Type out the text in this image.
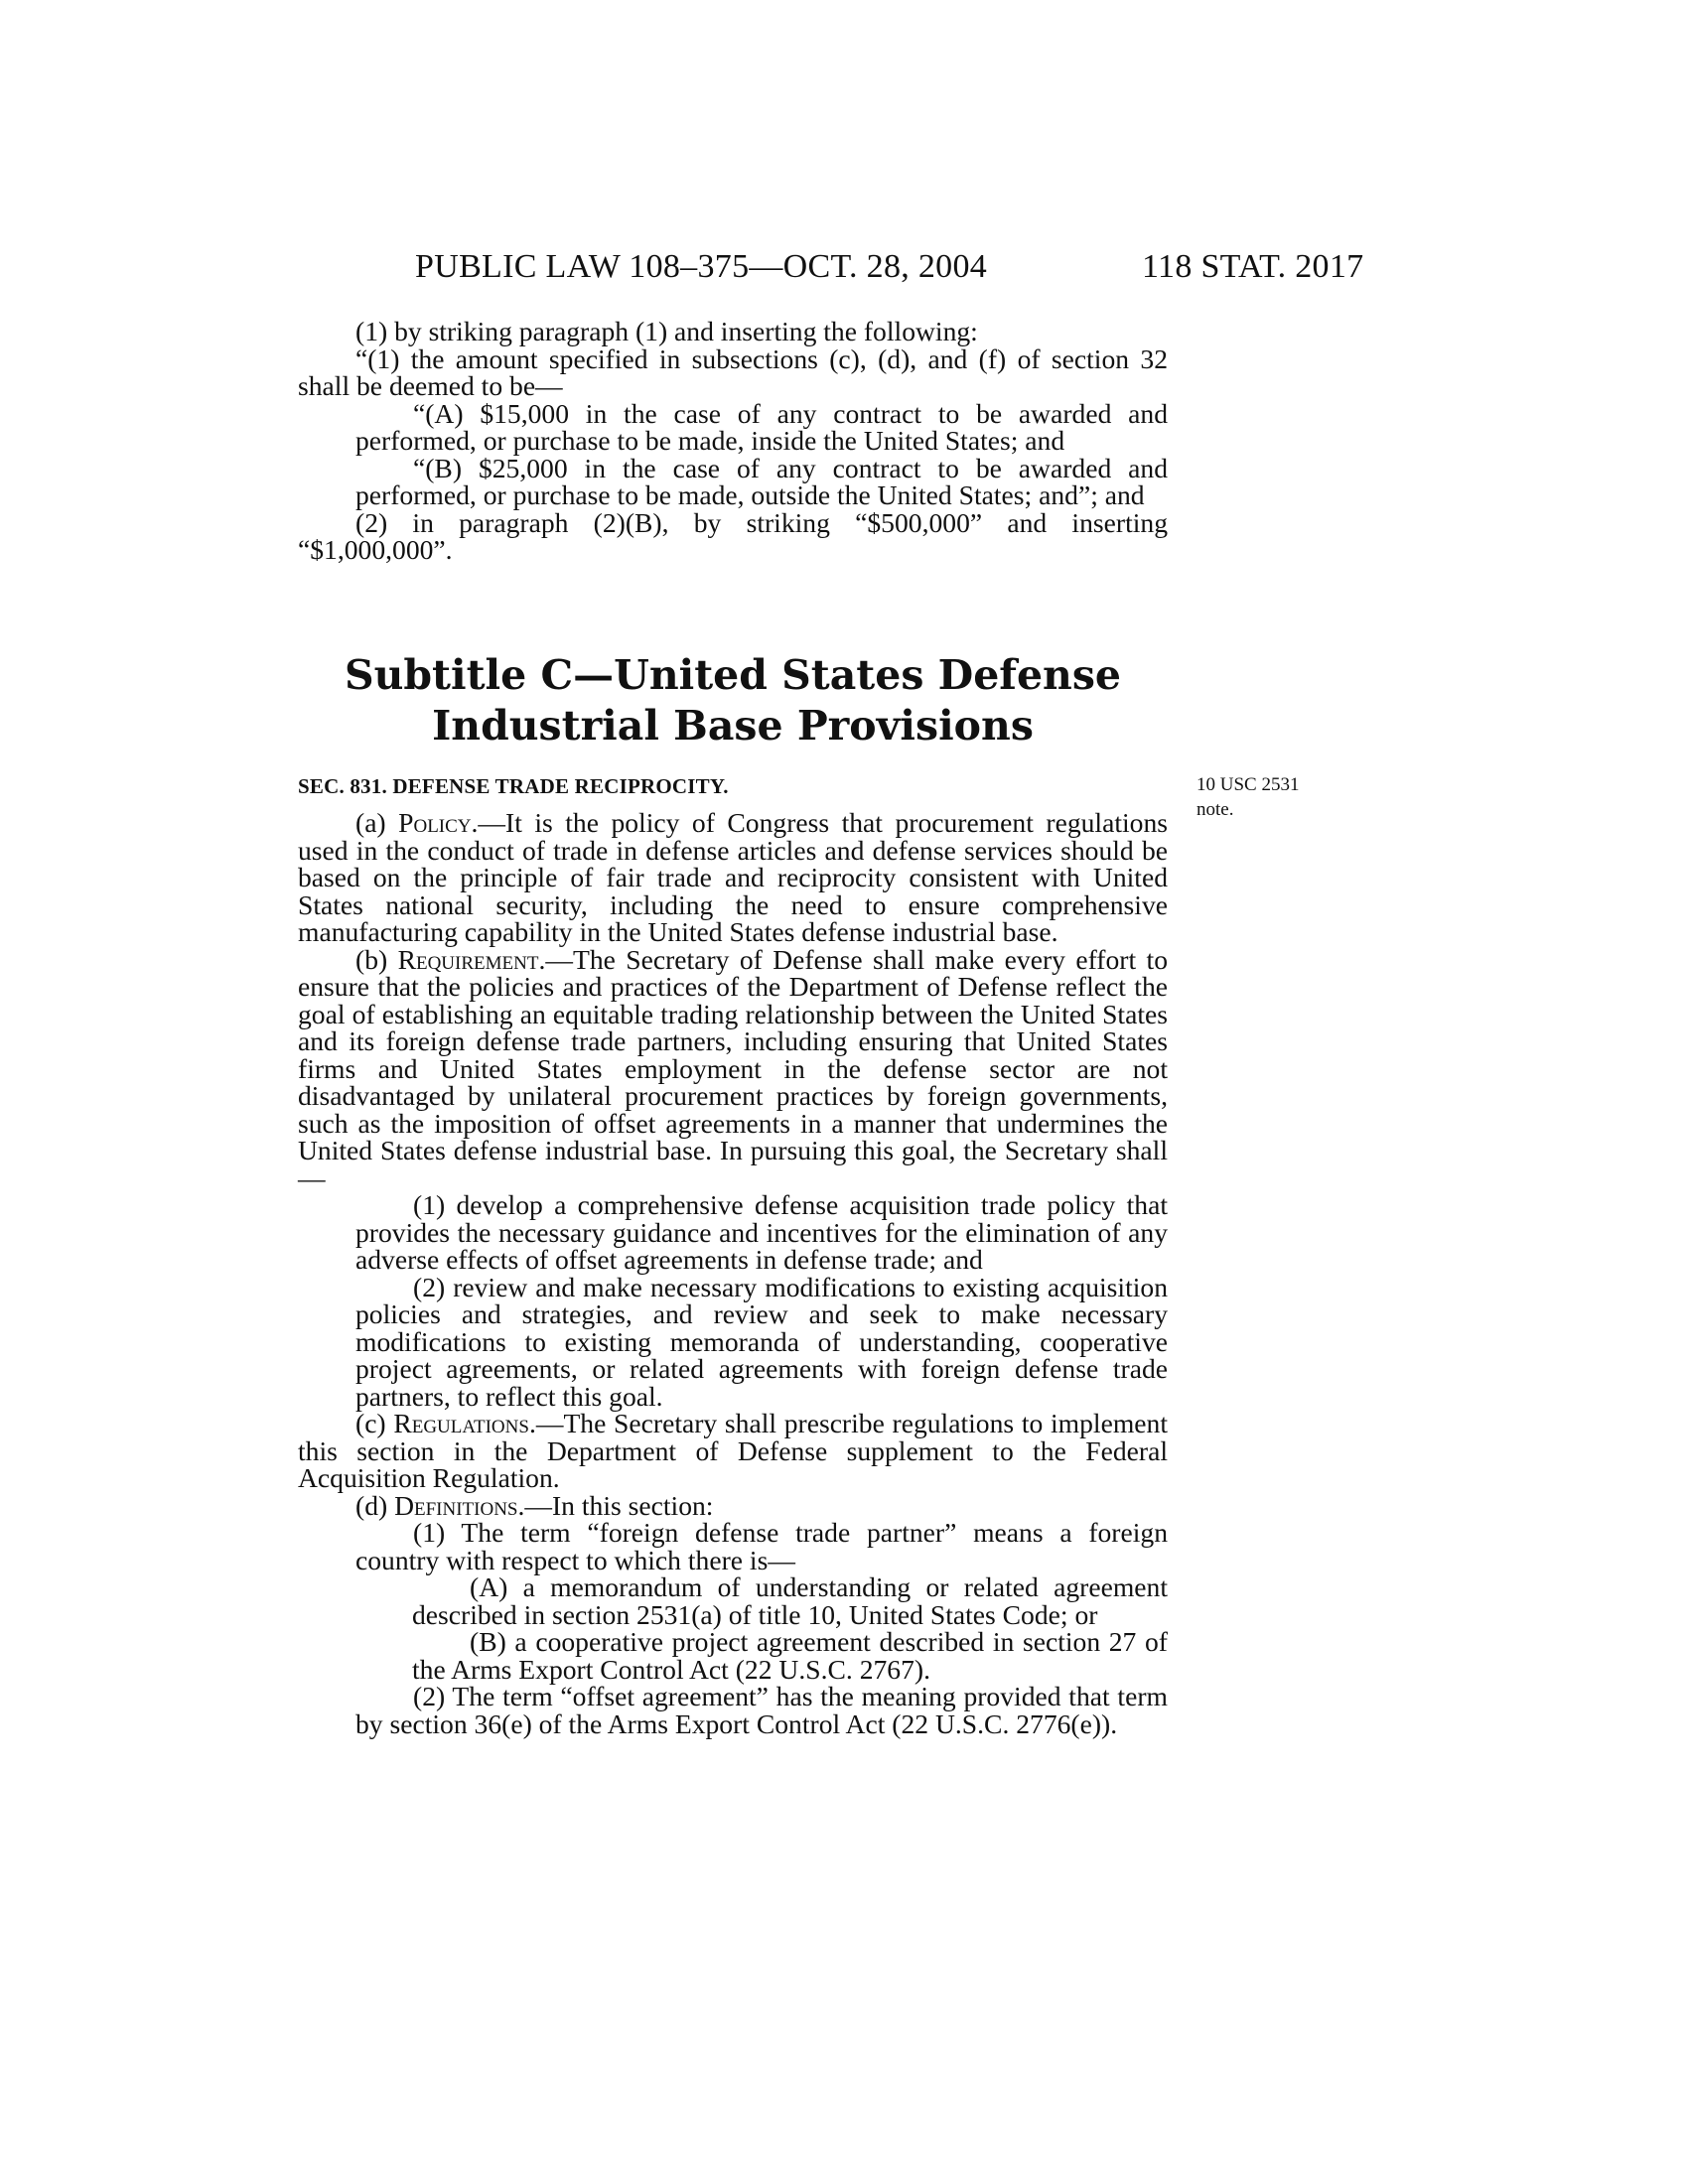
PUBLIC LAW 108–375—OCT. 28, 2004	118 STAT. 2017

(1) by striking paragraph (1) and inserting the following:

“(1) the amount specified in subsections (c), (d), and (f) of section 32 shall be deemed to be—

“(A) $15,000 in the case of any contract to be awarded and performed, or purchase to be made, inside the United States; and

“(B) $25,000 in the case of any contract to be awarded and performed, or purchase to be made, outside the United States; and”; and

(2) in paragraph (2)(B), by striking “$500,000” and inserting “$1,000,000”.

Subtitle C—United States Defense
Industrial Base Provisions
SEC. 831. DEFENSE TRADE RECIPROCITY.	10 USC 2531
note.

(a) Policy.—It is the policy of Congress that procurement regulations used in the conduct of trade in defense articles and defense services should be based on the principle of fair trade and reciprocity consistent with United States national security, including the need to ensure comprehensive manufacturing capability in the United States defense industrial base.

(b) Requirement.—The Secretary of Defense shall make every effort to ensure that the policies and practices of the Department of Defense reflect the goal of establishing an equitable trading relationship between the United States and its foreign defense trade partners, including ensuring that United States firms and United States employment in the defense sector are not disadvantaged by unilateral procurement practices by foreign governments, such as the imposition of offset agreements in a manner that undermines the United States defense industrial base. In pursuing this goal, the Secretary shall—

(1) develop a comprehensive defense acquisition trade policy that provides the necessary guidance and incentives for the elimination of any adverse effects of offset agreements in defense trade; and

(2) review and make necessary modifications to existing acquisition policies and strategies, and review and seek to make necessary modifications to existing memoranda of understanding, cooperative project agreements, or related agreements with foreign defense trade partners, to reflect this goal.

(c) Regulations.—The Secretary shall prescribe regulations to implement this section in the Department of Defense supplement to the Federal Acquisition Regulation.

(d) Definitions.—In this section:

(1) The term “foreign defense trade partner” means a foreign country with respect to which there is—

(A) a memorandum of understanding or related agreement described in section 2531(a) of title 10, United States Code; or

(B) a cooperative project agreement described in section 27 of the Arms Export Control Act (22 U.S.C. 2767).

(2) The term “offset agreement” has the meaning provided that term by section 36(e) of the Arms Export Control Act (22 U.S.C. 2776(e)).
